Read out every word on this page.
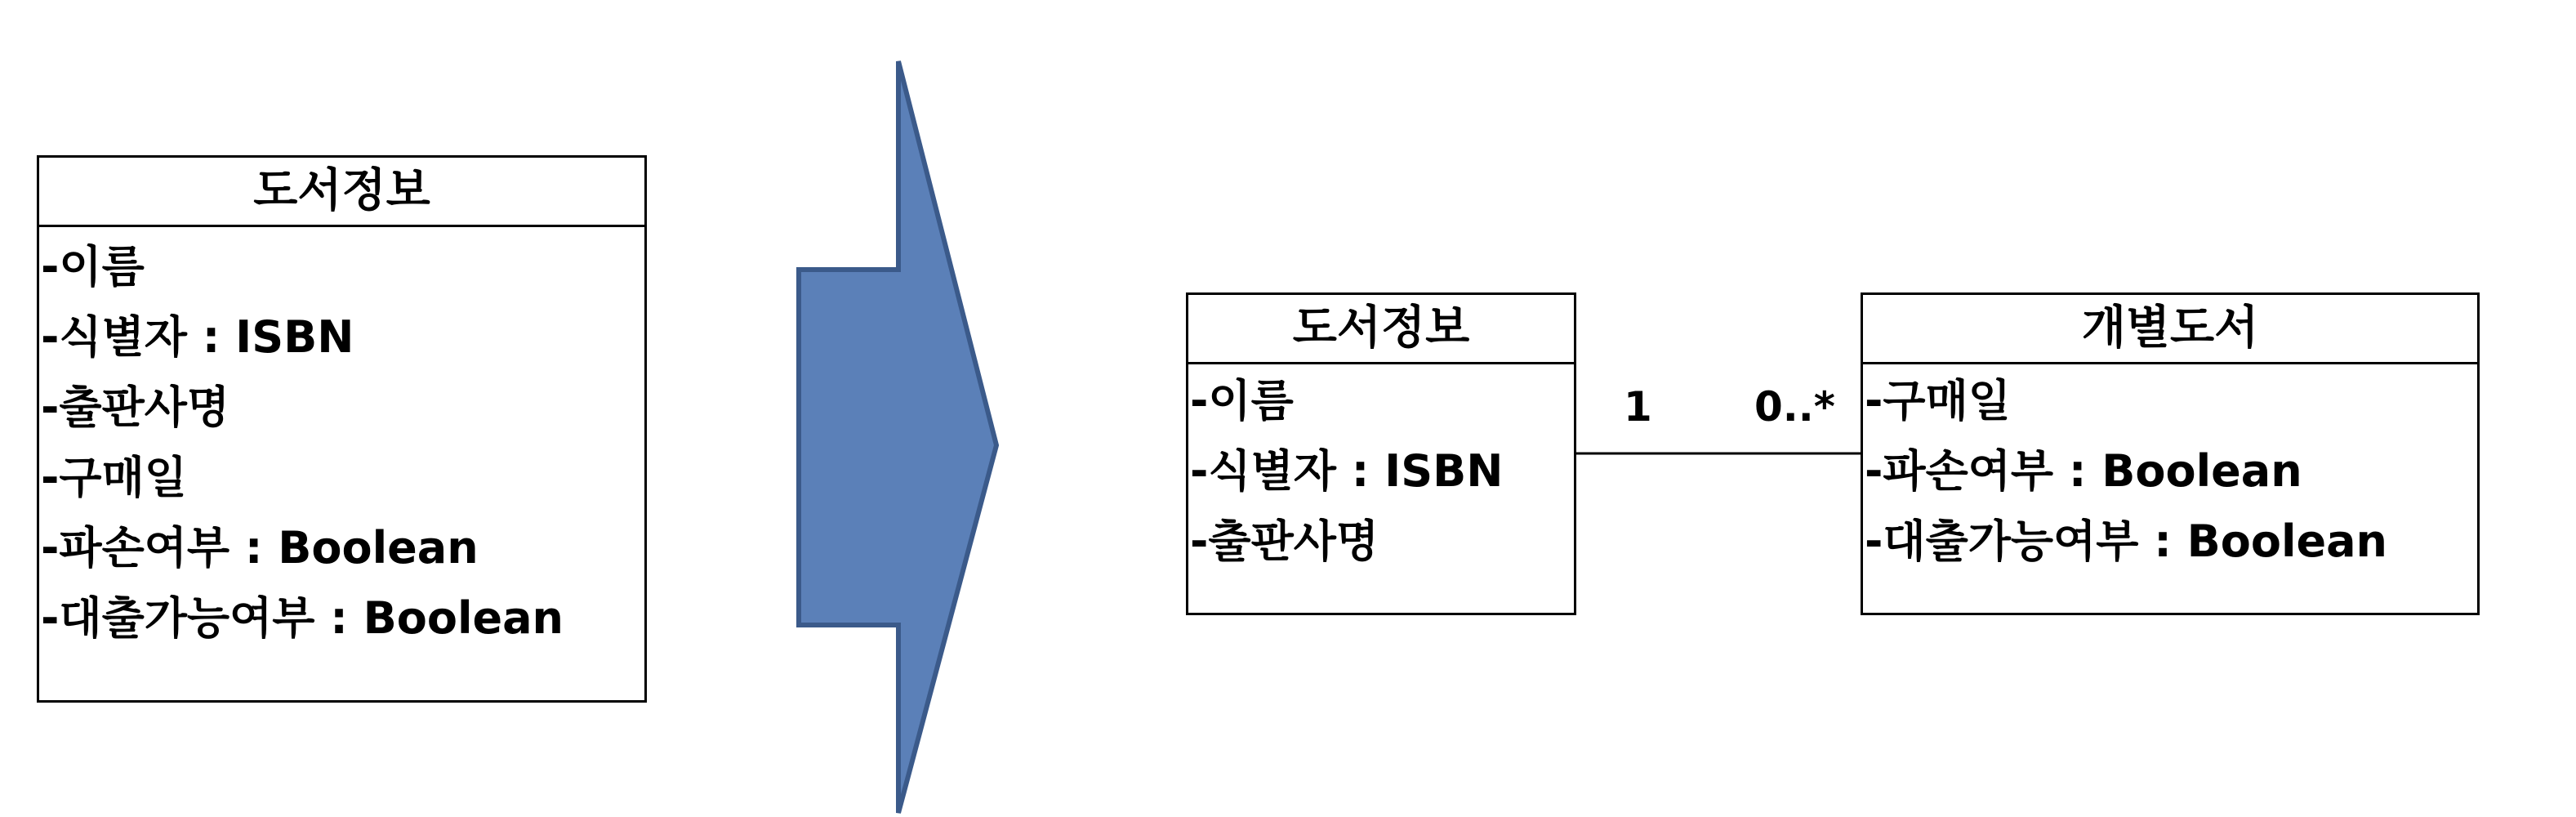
도서정보
-이름
-식별자 : ISBN
-출판사명
-구매일
-파손여부 : Boolean
-대출가능여부 : Boolean
도서정보
-이름
-식별자 : ISBN
-출판사명
개별도서
-구매일
-파손여부 : Boolean
-대출가능여부 : Boolean
1	0..*
